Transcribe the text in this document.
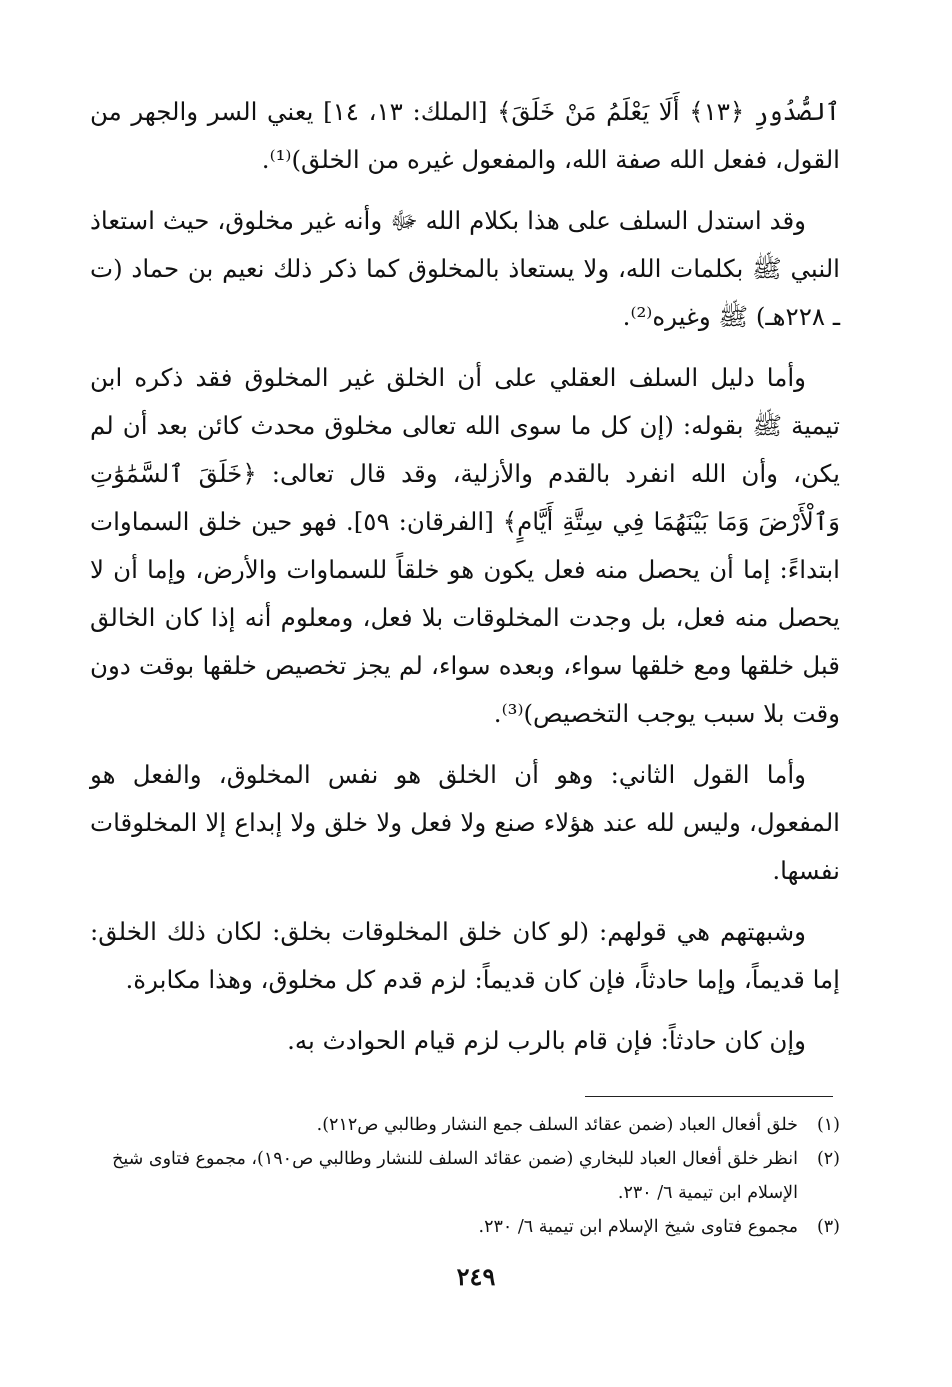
ٱلصُّدُورِ ﴿١٣﴾ أَلَا يَعْلَمُ مَنْ خَلَقَ﴾ [الملك: ١٣، ١٤] يعني السر والجهر من القول، ففعل الله صفة الله، والمفعول غيره من الخلق)⁽¹⁾.

وقد استدل السلف على هذا بكلام الله ﷻ وأنه غير مخلوق، حيث استعاذ النبي ﷺ بكلمات الله، ولا يستعاذ بالمخلوق كما ذكر ذلك نعيم بن حماد (ت ـ ٢٢٨هـ) ﷺ وغيره⁽²⁾.

وأما دليل السلف العقلي على أن الخلق غير المخلوق فقد ذكره ابن تيمية ﷺ بقوله: (إن كل ما سوى الله تعالى مخلوق محدث كائن بعد أن لم يكن، وأن الله انفرد بالقدم والأزلية، وقد قال تعالى: ﴿خَلَقَ ٱلسَّمَٰوَٰتِ وَٱلْأَرْضَ وَمَا بَيْنَهُمَا فِي سِتَّةِ أَيَّامٍ﴾ [الفرقان: ٥٩]. فهو حين خلق السماوات ابتداءً: إما أن يحصل منه فعل يكون هو خلقاً للسماوات والأرض، وإما أن لا يحصل منه فعل، بل وجدت المخلوقات بلا فعل، ومعلوم أنه إذا كان الخالق قبل خلقها ومع خلقها سواء، وبعده سواء، لم يجز تخصيص خلقها بوقت دون وقت بلا سبب يوجب التخصيص)⁽³⁾.

وأما القول الثاني: وهو أن الخلق هو نفس المخلوق، والفعل هو المفعول، وليس لله عند هؤلاء صنع ولا فعل ولا خلق ولا إبداع إلا المخلوقات نفسها.

وشبهتهم هي قولهم: (لو كان خلق المخلوقات بخلق: لكان ذلك الخلق: إما قديماً، وإما حادثاً، فإن كان قديماً: لزم قدم كل مخلوق، وهذا مكابرة.

وإن كان حادثاً: فإن قام بالرب لزم قيام الحوادث به.

(١)
خلق أفعال العباد (ضمن عقائد السلف جمع النشار وطالبي ص٢١٢).
(٢)
انظر خلق أفعال العباد للبخاري (ضمن عقائد السلف للنشار وطالبي ص١٩٠)، مجموع فتاوى شيخ الإسلام ابن تيمية ٦/ ٢٣٠.
(٣)
مجموع فتاوى شيخ الإسلام ابن تيمية ٦/ ٢٣٠.
٢٤٩
